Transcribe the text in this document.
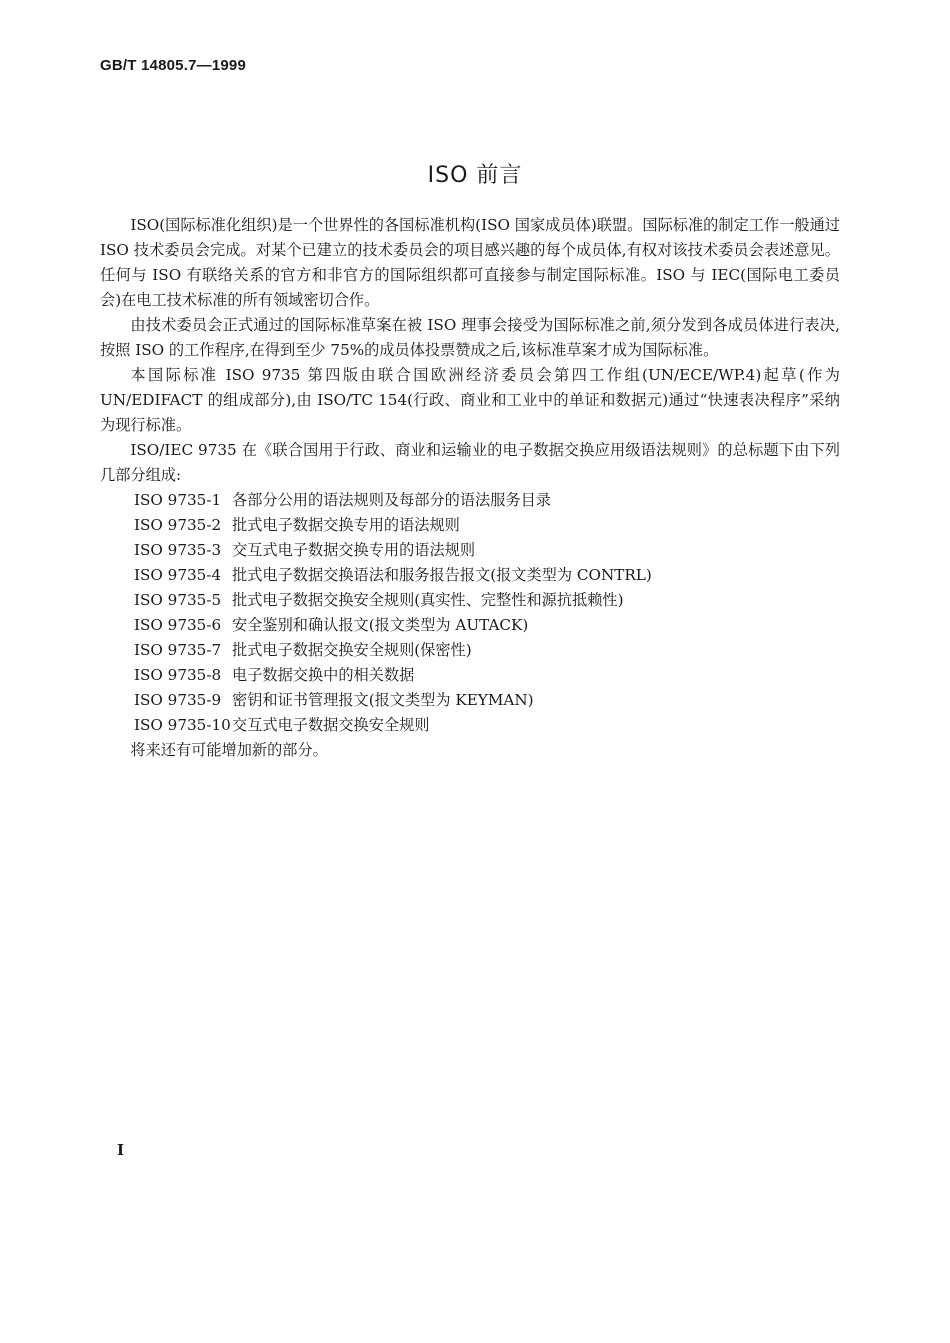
GB/T 14805.7—1999
ISO 前言

ISO(国际标准化组织)是一个世界性的各国标准机构(ISO 国家成员体)联盟。国际标准的制定工作一般通过 ISO 技术委员会完成。对某个已建立的技术委员会的项目感兴趣的每个成员体,有权对该技术委员会表述意见。任何与 ISO 有联络关系的官方和非官方的国际组织都可直接参与制定国际标准。ISO 与 IEC(国际电工委员会)在电工技术标准的所有领域密切合作。

由技术委员会正式通过的国际标准草案在被 ISO 理事会接受为国际标准之前,须分发到各成员体进行表决,按照 ISO 的工作程序,在得到至少 75%的成员体投票赞成之后,该标准草案才成为国际标准。

本国际标准 ISO 9735 第四版由联合国欧洲经济委员会第四工作组(UN/ECE/WP.4)起草(作为 UN/EDIFACT 的组成部分),由 ISO/TC 154(行政、商业和工业中的单证和数据元)通过“快速表决程序”采纳为现行标准。

ISO/IEC 9735 在《联合国用于行政、商业和运输业的电子数据交换应用级语法规则》的总标题下由下列几部分组成:

ISO 9735-1 各部分公用的语法规则及每部分的语法服务目录
ISO 9735-2 批式电子数据交换专用的语法规则
ISO 9735-3 交互式电子数据交换专用的语法规则
ISO 9735-4 批式电子数据交换语法和服务报告报文(报文类型为 CONTRL)
ISO 9735-5 批式电子数据交换安全规则(真实性、完整性和源抗抵赖性)
ISO 9735-6 安全鉴别和确认报文(报文类型为 AUTACK)
ISO 9735-7 批式电子数据交换安全规则(保密性)
ISO 9735-8 电子数据交换中的相关数据
ISO 9735-9 密钥和证书管理报文(报文类型为 KEYMAN)
ISO 9735-10交互式电子数据交换安全规则

将来还有可能增加新的部分。

I
